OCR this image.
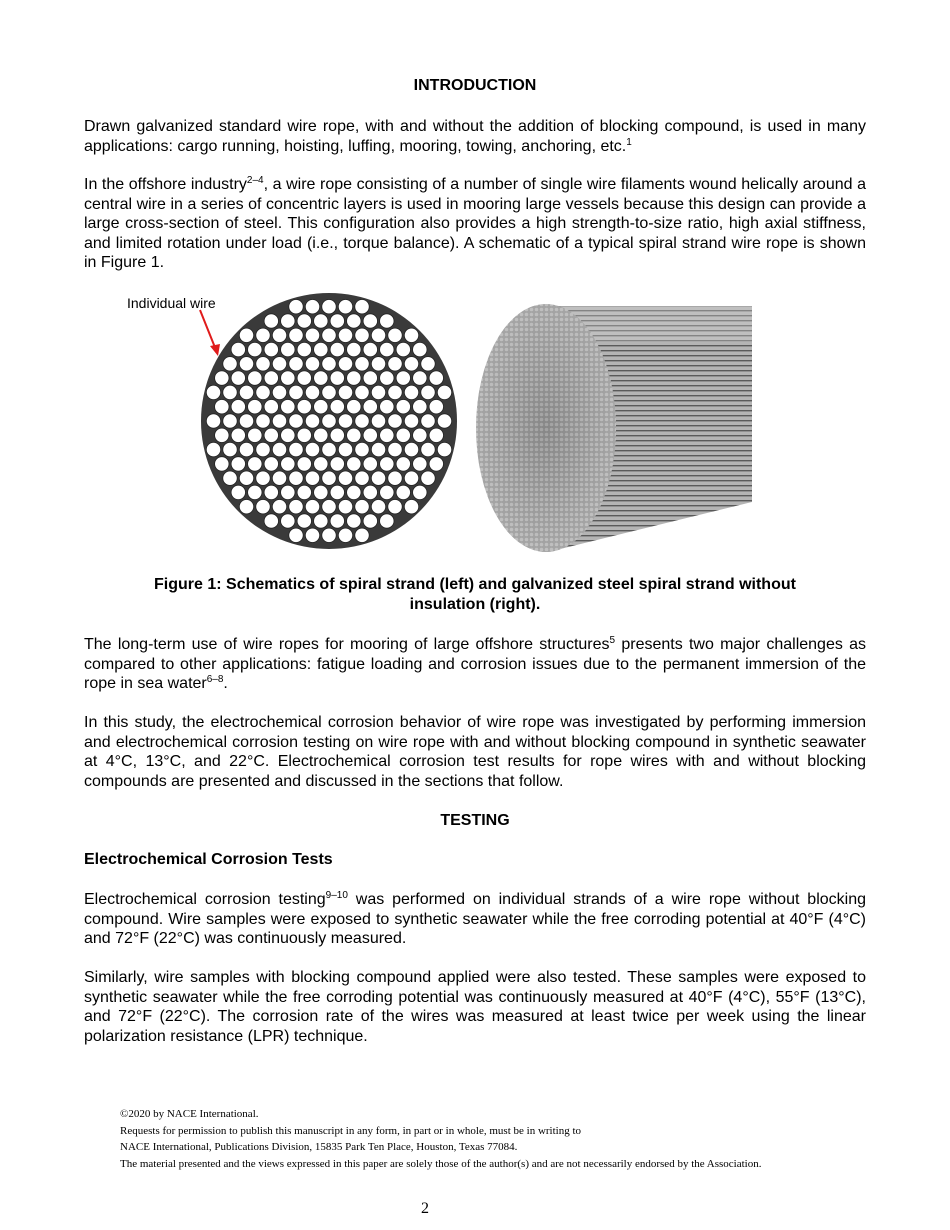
INTRODUCTION
Drawn galvanized standard wire rope, with and without the addition of blocking compound, is used in many applications: cargo running, hoisting, luffing, mooring, towing, anchoring, etc.$^1$
In the offshore industry$^{2-4}$, a wire rope consisting of a number of single wire filaments wound helically around a central wire in a series of concentric layers is used in mooring large vessels because this design can provide a large cross-section of steel. This configuration also provides a high strength-to-size ratio, high axial stiffness, and limited rotation under load (i.e., torque balance). A schematic of a typical spiral strand wire rope is shown in Figure 1.
Individual wire
Figure 1: Schematics of spiral strand (left) and galvanized steel spiral strand without insulation (right).
The long-term use of wire ropes for mooring of large offshore structures$^5$ presents two major challenges as compared to other applications: fatigue loading and corrosion issues due to the permanent immersion of the rope in sea water$^{6-8}$.
In this study, the electrochemical corrosion behavior of wire rope was investigated by performing immersion and electrochemical corrosion testing on wire rope with and without blocking compound in synthetic seawater at 4°C, 13°C, and 22°C. Electrochemical corrosion test results for rope wires with and without blocking compounds are presented and discussed in the sections that follow.
TESTING
Electrochemical Corrosion Tests
Electrochemical corrosion testing$^{9-10}$ was performed on individual strands of a wire rope without blocking compound. Wire samples were exposed to synthetic seawater while the free corroding potential at 40°F (4°C) and 72°F (22°C) was continuously measured.
Similarly, wire samples with blocking compound applied were also tested. These samples were exposed to synthetic seawater while the free corroding potential was continuously measured at 40°F (4°C), 55°F (13°C), and 72°F (22°C). The corrosion rate of the wires was measured at least twice per week using the linear polarization resistance (LPR) technique.
©2020 by NACE International.
Requests for permission to publish this manuscript in any form, in part or in whole, must be in writing to
NACE International, Publications Division, 15835 Park Ten Place, Houston, Texas 77084.
The material presented and the views expressed in this paper are solely those of the author(s) and are not necessarily endorsed by the Association.
2
